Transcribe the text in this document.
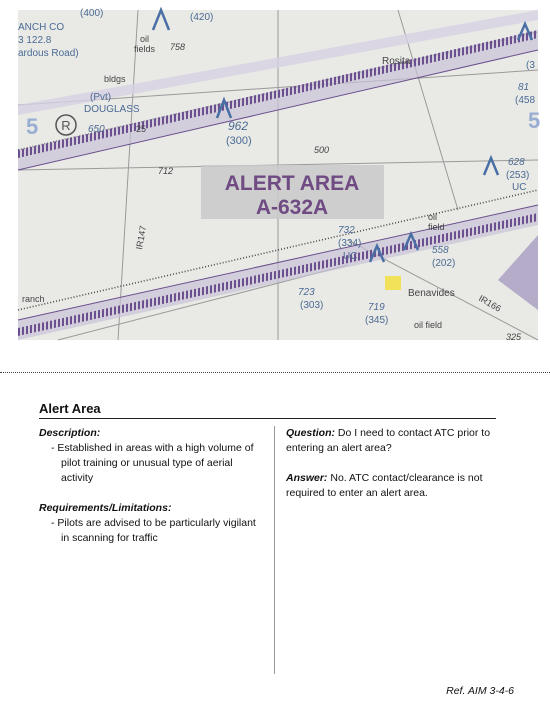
ALERT AREA
A-632A
R
5
ANCH CO
3 122.8
ardous Road)
(400)	(420)
(Pvt)
DOUGLASS
650	962
(300)
81
(458
628
(253)
UC
732
(334)
UC
558
(202)
723
(303)	719
(345)
5
(3
oil
fields 758
Rosita
bldgs
25
500
712
oil
field
ranch	Benavides
oil field
325
IR147
IR166
Alert Area
Description:
- Established in areas with a high volume of pilot training or unusual type of aerial activity
Requirements/Limitations:
- Pilots are advised to be particularly vigilant in scanning for traffic
Question: Do I need to contact ATC prior to entering an alert area?
Answer: No. ATC contact/clearance is not required to enter an alert area.
Ref. AIM 3-4-6
